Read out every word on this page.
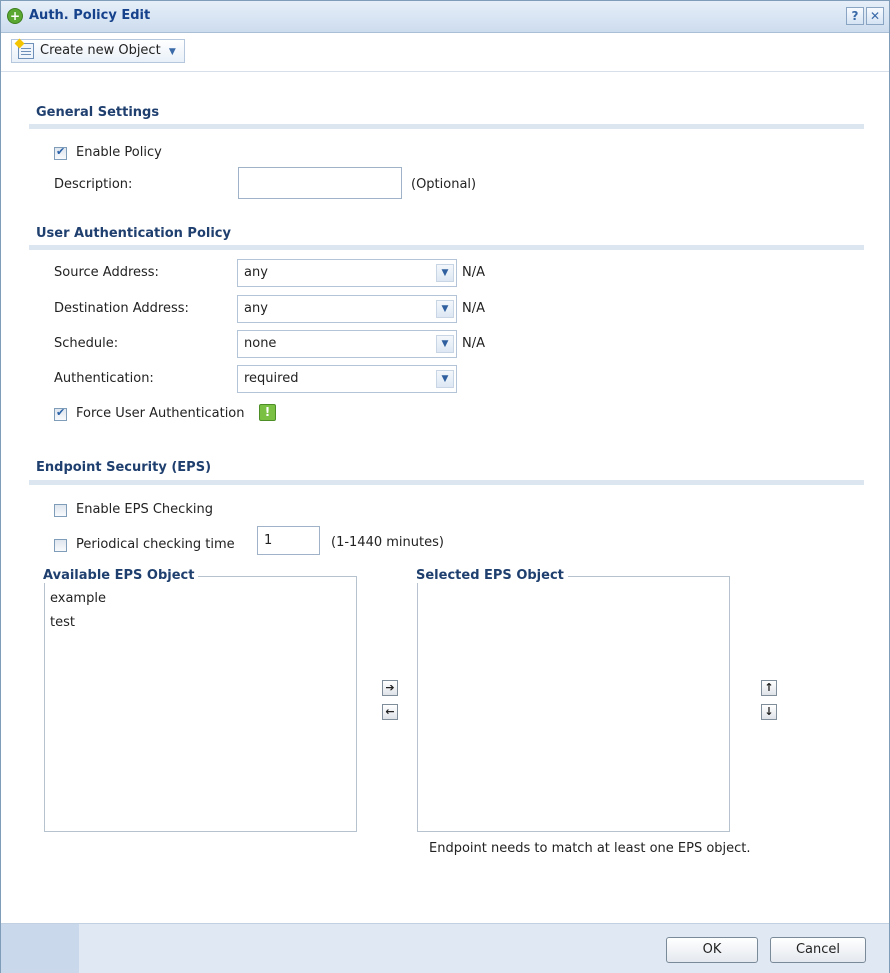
+ Auth. Policy Edit	? ✕
Create new Object ▼
General Settings
✔
Enable Policy
Description:	(Optional)
User Authentication Policy
Source Address:	any	▼	N/A
Destination Address:	any	▼	N/A
Schedule:	none	▼	N/A
Authentication:	required	▼
✔
Force User Authentication	!
Endpoint Security (EPS)
Enable EPS Checking
Periodical checking time
1	(1-1440 minutes)
Available EPS Object
example
test
➔
←
Selected EPS Object
↑
↓
Endpoint needs to match at least one EPS object.
OK	Cancel
